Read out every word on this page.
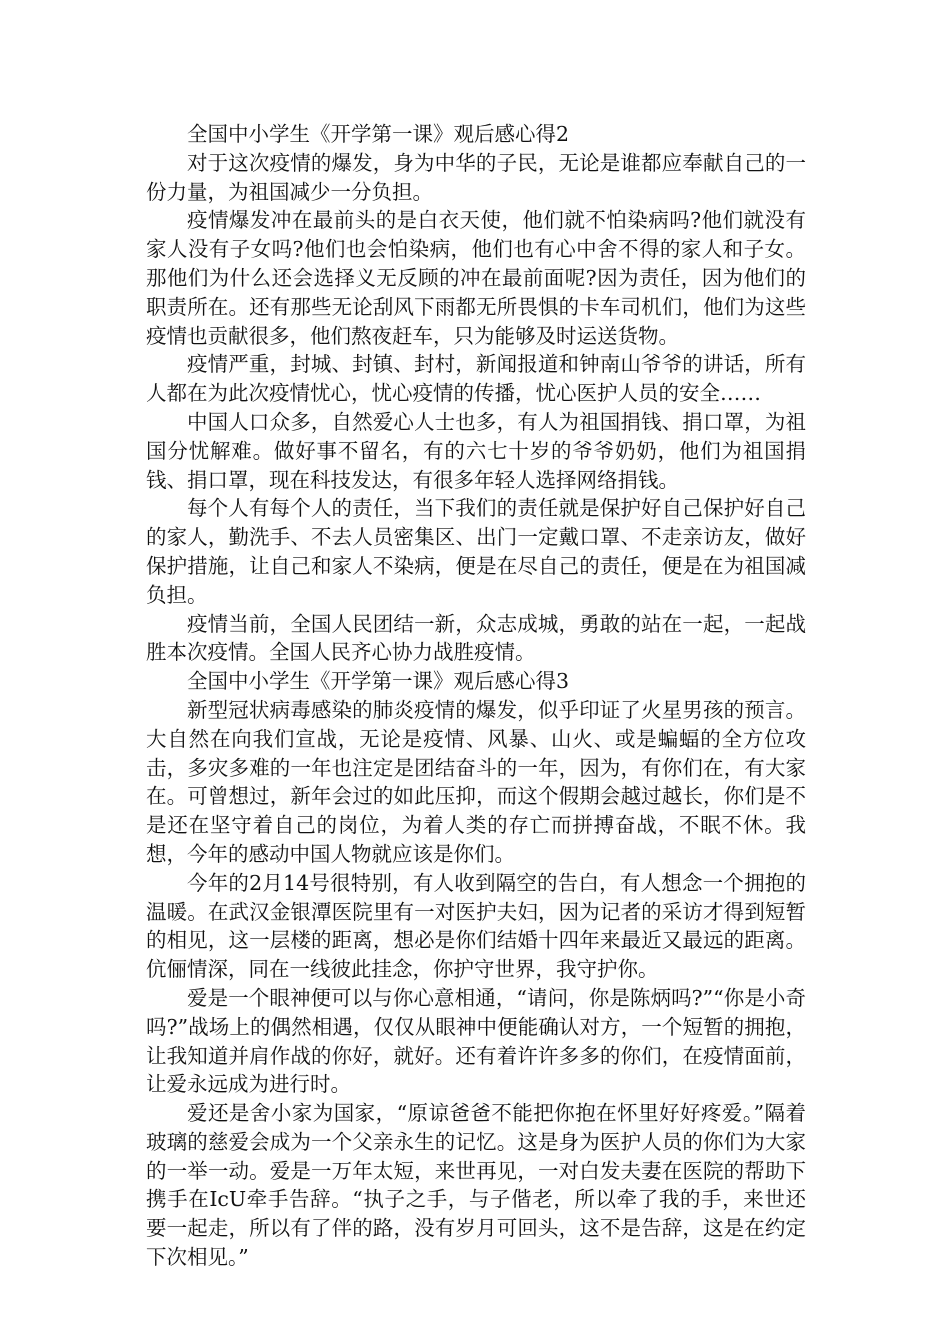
全国中小学生《开学第一课》观后感心得2

对于这次疫情的爆发，身为中华的子民，无论是谁都应奉献自己的一份力量，为祖国减少一分负担。

疫情爆发冲在最前头的是白衣天使，他们就不怕染病吗?他们就没有家人没有子女吗?他们也会怕染病，他们也有心中舍不得的家人和子女。那他们为什么还会选择义无反顾的冲在最前面呢?因为责任，因为他们的职责所在。还有那些无论刮风下雨都无所畏惧的卡车司机们，他们为这些疫情也贡献很多，他们熬夜赶车，只为能够及时运送货物。

疫情严重，封城、封镇、封村，新闻报道和钟南山爷爷的讲话，所有人都在为此次疫情忧心，忧心疫情的传播，忧心医护人员的安全……

中国人口众多，自然爱心人士也多，有人为祖国捐钱、捐口罩，为祖国分忧解难。做好事不留名，有的六七十岁的爷爷奶奶，他们为祖国捐钱、捐口罩，现在科技发达，有很多年轻人选择网络捐钱。

每个人有每个人的责任，当下我们的责任就是保护好自己保护好自己的家人，勤洗手、不去人员密集区、出门一定戴口罩、不走亲访友，做好保护措施，让自己和家人不染病，便是在尽自己的责任，便是在为祖国减负担。

疫情当前，全国人民团结一新，众志成城，勇敢的站在一起，一起战胜本次疫情。全国人民齐心协力战胜疫情。

全国中小学生《开学第一课》观后感心得3

新型冠状病毒感染的肺炎疫情的爆发，似乎印证了火星男孩的预言。大自然在向我们宣战，无论是疫情、风暴、山火、或是蝙蝠的全方位攻击，多灾多难的一年也注定是团结奋斗的一年，因为，有你们在，有大家在。可曾想过，新年会过的如此压抑，而这个假期会越过越长，你们是不是还在坚守着自己的岗位，为着人类的存亡而拼搏奋战，不眠不休。我想，今年的感动中国人物就应该是你们。

今年的2月14号很特别，有人收到隔空的告白，有人想念一个拥抱的温暖。在武汉金银潭医院里有一对医护夫妇，因为记者的采访才得到短暂的相见，这一层楼的距离，想必是你们结婚十四年来最近又最远的距离。伉俪情深，同在一线彼此挂念，你护守世界，我守护你。

爱是一个眼神便可以与你心意相通，“请问，你是陈炳吗?”“你是小奇吗?”战场上的偶然相遇，仅仅从眼神中便能确认对方，一个短暂的拥抱，让我知道并肩作战的你好，就好。还有着许许多多的你们，在疫情面前，让爱永远成为进行时。

爱还是舍小家为国家，“原谅爸爸不能把你抱在怀里好好疼爱。”隔着玻璃的慈爱会成为一个父亲永生的记忆。这是身为医护人员的你们为大家的一举一动。爱是一万年太短，来世再见，一对白发夫妻在医院的帮助下携手在IcU牵手告辞。“执子之手，与子偕老，所以牵了我的手，来世还要一起走，所以有了伴的路，没有岁月可回头，这不是告辞，这是在约定下次相见。”
